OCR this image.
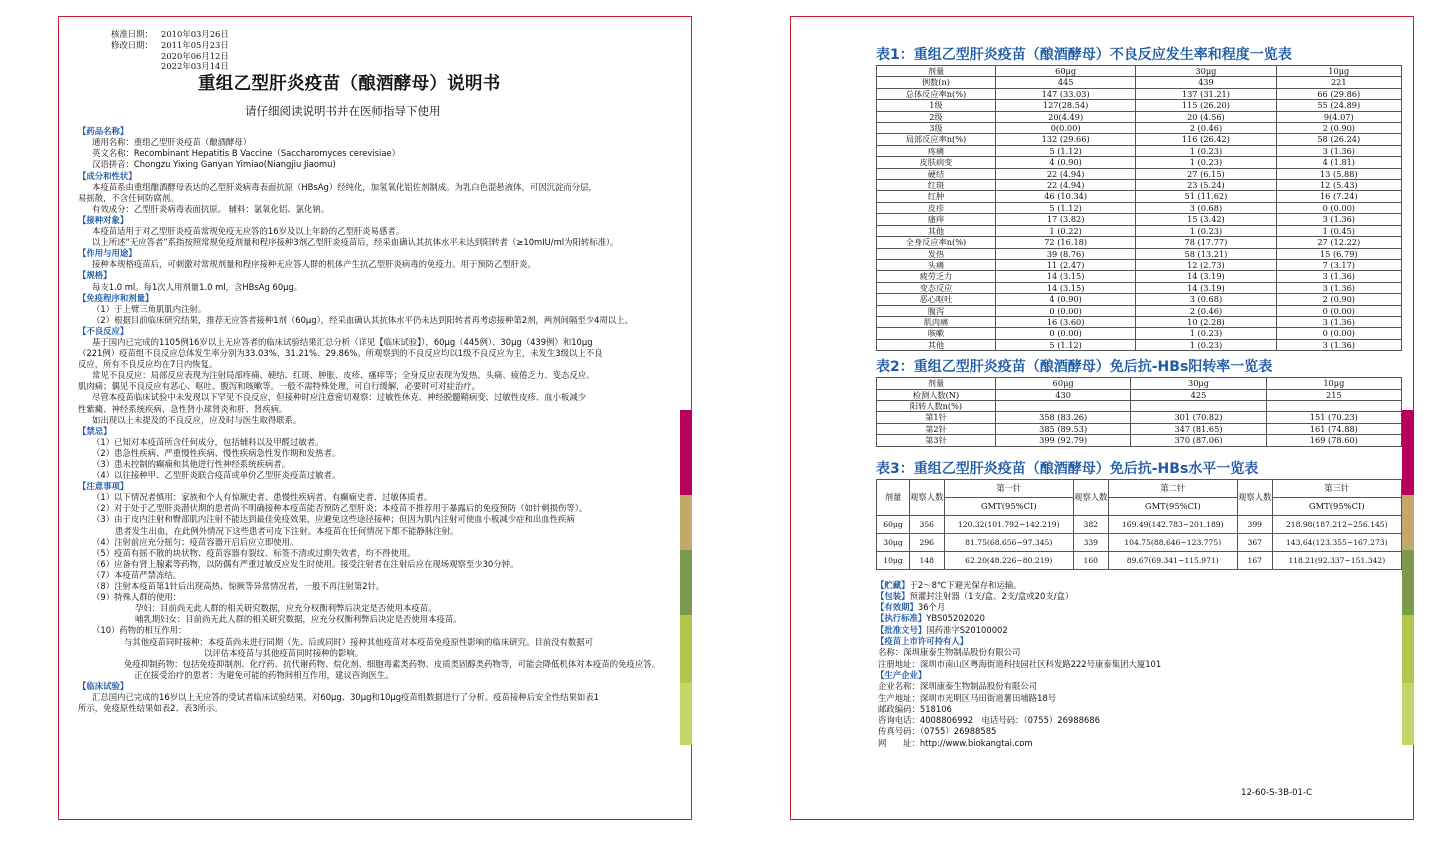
核准日期： 2010年03月26日
修改日期： 2011年05月23日
2020年06月12日
2022年03月14日
重组乙型肝炎疫苗（酿酒酵母）说明书
请仔细阅读说明书并在医师指导下使用
【药品名称】
通用名称：重组乙型肝炎疫苗（酿酒酵母）
英文名称：Recombinant Hepatitis B Vaccine（Saccharomyces cerevisiae）
汉语拼音：Chongzu Yixing Ganyan Yimiao(Niangjiu Jiaomu)
【成分和性状】
本疫苗系由重组酿酒酵母表达的乙型肝炎病毒表面抗原（HBsAg）经纯化，加氢氧化铝佐剂制成。为乳白色混悬液体，可因沉淀而分层，
易摇散，不含任何防腐剂。
有效成分：乙型肝炎病毒表面抗原。 辅料：氯氧化铝、氯化钠。
【接种对象】
本疫苗适用于对乙型肝炎疫苗常规免疫无应答的16岁及以上年龄的乙型肝炎易感者。
以上所述“无应答者”系指按照常规免疫剂量和程序接种3剂乙型肝炎疫苗后，经采血确认其抗体水平未达到阳转者（≥10mIU/ml为阳转标准）。
【作用与用途】
接种本规格疫苗后，可刺激对常规剂量和程序接种无应答人群的机体产生抗乙型肝炎病毒的免疫力。用于预防乙型肝炎。
【规格】
每支1.0 ml。每1次人用剂量1.0 ml，含HBsAg 60μg。
【免疫程序和剂量】
（1）于上臂三角肌肌内注射。
（2）根据目前临床研究结果，推荐无应答者接种1剂（60μg），经采血确认其抗体水平仍未达到阳转者再考虑接种第2剂，两剂间隔至少4周以上。
【不良反应】
基于国内已完成的1105例16岁以上无应答者的临床试验结果汇总分析（详见【临床试验】），60μg（445例）、30μg（439例）和10μg
（221例）疫苗组不良反应总体发生率分别为33.03%、31.21%、29.86%。所观察到的不良反应均以1级不良反应为主，未发生3级以上不良
反应，所有不良反应均在7日内恢复。
常见不良反应：局部反应表现为注射局部疼痛、硬结、红斑、肿胀、皮疹、瘙痒等；全身反应表现为发热、头痛、疲倦乏力、变态反应、
肌肉痛；偶见不良反应有恶心、呕吐、腹泻和咳嗽等。一般不需特殊处理，可自行缓解，必要时可对症治疗。
尽管本疫苗临床试验中未发现以下罕见不良反应，但接种时应注意密切观察：过敏性休克、神经脱髓鞘病变、过敏性皮疹、血小板减少
性紫癜、神经系统疾病、急性肾小球肾炎和肝、肾疾病。
如出现以上未提及的不良反应，应及时与医生取得联系。
【禁忌】
（1）已知对本疫苗所含任何成分，包括辅料以及甲醛过敏者。
（2）患急性疾病、严重慢性疾病、慢性疾病急性发作期和发热者。
（3）患未控制的癫痫和其他进行性神经系统疾病者。
（4）以往接种甲、乙型肝炎联合疫苗或单价乙型肝炎疫苗过敏者。
【注意事项】
（1）以下情况者慎用：家族和个人有惊厥史者、患慢性疾病者、有癫痫史者、过敏体质者。
（2）对于处于乙型肝炎潜伏期的患者尚不明确接种本疫苗能否预防乙型肝炎；本疫苗不推荐用于暴露后的免疫预防（如针刺损伤等）。
（3）由于皮内注射和臀部肌内注射不能达到最佳免疫效果，应避免这些途径接种；但因为肌内注射可使血小板减少症和出血性疾病
患者发生出血，在此例外情况下这些患者可皮下注射。本疫苗在任何情况下都不能静脉注射。
（4）注射前应充分摇匀；疫苗容器开启后应立即使用。
（5）疫苗有摇不散的块状物、疫苗容器有裂纹、标签不清或过期失效者，均不得使用。
（6）应备有肾上腺素等药物，以防偶有严重过敏反应发生时使用。接受注射者在注射后应在现场观察至少30分钟。
（7）本疫苗严禁冻结。
（8）注射本疫苗第1针后出现高热、惊厥等异常情况者，一般不再注射第2针。
（9）特殊人群的使用：
孕妇：目前尚无此人群的相关研究数据，应充分权衡利弊后决定是否使用本疫苗。
哺乳期妇女：目前尚无此人群的相关研究数据，应充分权衡利弊后决定是否使用本疫苗。
（10）药物的相互作用：
与其他疫苗同时接种：本疫苗尚未进行同期（先、后或同时）接种其他疫苗对本疫苗免疫原性影响的临床研究。目前没有数据可
以评估本疫苗与其他疫苗同时接种的影响。
免疫抑制药物：包括免疫抑制剂、化疗药、抗代谢药物、烷化剂、细胞毒素类药物、皮质类固醇类药物等，可能会降低机体对本疫苗的免疫应答。
正在接受治疗的患者：为避免可能的药物间相互作用，建议咨询医生。
【临床试验】
汇总国内已完成的16岁以上无应答的受试者临床试验结果，对60μg、30μg和10μg疫苗组数据进行了分析。疫苗接种后安全性结果如表1
所示，免疫原性结果如表2、表3所示。
表1：重组乙型肝炎疫苗（酿酒酵母）不良反应发生率和程度一览表
剂量	60μg	30μg	10μg
例数(n)	445	439	221
总体反应率n(%)	147 (33.03)	137 (31.21)	66 (29.86)
1级	127(28.54)	115 (26.20)	55 (24.89)
2级	20(4.49)	20 (4.56)	9(4.07)
3级	0(0.00)	2 (0.46)	2 (0.90)
局部反应率n(%)	132 (29.66)	116 (26.42)	58 (26.24)
疼痛	5 (1.12)	1 (0.23)	3 (1.36)
皮肤病变	4 (0.90)	1 (0.23)	4 (1.81)
硬结	22 (4.94)	27 (6.15)	13 (5.88)
红斑	22 (4.94)	23 (5.24)	12 (5.43)
红肿	46 (10.34)	51 (11.62)	16 (7.24)
皮疹	5 (1.12)	3 (0.68)	0 (0.00)
瘙痒	17 (3.82)	15 (3.42)	3 (1.36)
其他	1 (0.22)	1 (0.23)	1 (0.45)
全身反应率n(%)	72 (16.18)	78 (17.77)	27 (12.22)
发热	39 (8.76)	58 (13.21)	15 (6.79)
头痛	11 (2.47)	12 (2.73)	7 (3.17)
疲劳乏力	14 (3.15)	14 (3.19)	3 (1.36)
变态反应	14 (3.15)	14 (3.19)	3 (1.36)
恶心呕吐	4 (0.90)	3 (0.68)	2 (0.90)
腹泻	0 (0.00)	2 (0.46)	0 (0.00)
肌肉痛	16 (3.60)	10 (2.28)	3 (1.36)
咳嗽	0 (0.00)	1 (0.23)	0 (0.00)
其他	5 (1.12)	1 (0.23)	3 (1.36)
表2：重组乙型肝炎疫苗（酿酒酵母）免后抗-HBs阳转率一览表
剂量	60μg	30μg	10μg
检测人数(N)	430	425	215
阳转人数n(%)			
第1针	358 (83.26)	301 (70.82)	151 (70.23)
第2针	385 (89.53)	347 (81.65)	161 (74.88)
第3针	399 (92.79)	370 (87.06)	169 (78.60)
表3：重组乙型肝炎疫苗（酿酒酵母）免后抗-HBs水平一览表
剂量	观察人数	第一针	观察人数	第二针	观察人数	第三针
		GMT(95%CI)		GMT(95%CI)		GMT(95%CI)
60μg	356	120.32(101.792~142.219)	382	169.49(142.783~201.189)	399	218.98(187.212~256.145)
30μg	296	81.75(68.656~97.345)	339	104.75(88.646~123.775)	367	143.64(123.355~167.273)
10μg	148	62.20(48.226~80.219)	160	89.67(69.341~115.971)	167	118.21(92.337~151.342)
【贮藏】于2～8℃下避光保存和运输。
【包装】预灌封注射器（1支/盒、2支/盒或20支/盒）
【有效期】36个月
【执行标准】YBS05202020
【批准文号】国药准字S20100002
【疫苗上市许可持有人】
名称：深圳康泰生物制品股份有限公司
注册地址：深圳市南山区粤海街道科技园社区科发路222号康泰集团大厦101
【生产企业】
企业名称：深圳康泰生物制品股份有限公司
生产地址：深圳市光明区马田街道薯田埔路18号
邮政编码：518106
咨询电话：4008806992　电话号码：（0755）26988686
传真号码：（0755）26988585
网　　址：http://www.biokangtai.com
12-60-S-3B-01-C
